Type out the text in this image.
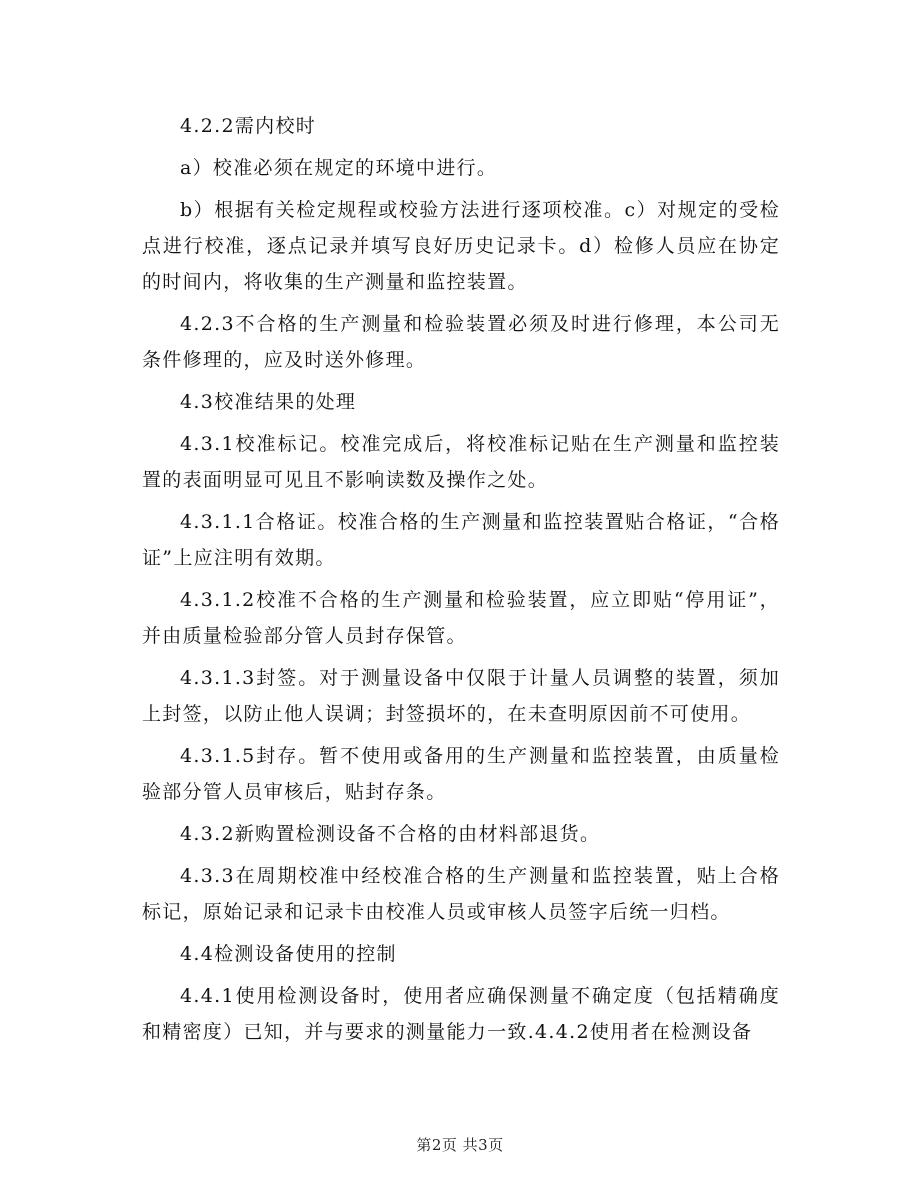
4.2.2需内校时

a）校准必须在规定的环境中进行。

b）根据有关检定规程或校验方法进行逐项校准。c）对规定的受检点进行校准，逐点记录并填写良好历史记录卡。d）检修人员应在协定的时间内，将收集的生产测量和监控装置。

4.2.3不合格的生产测量和检验装置必须及时进行修理，本公司无条件修理的，应及时送外修理。

4.3校准结果的处理

4.3.1校准标记。校准完成后，将校准标记贴在生产测量和监控装置的表面明显可见且不影响读数及操作之处。

4.3.1.1合格证。校准合格的生产测量和监控装置贴合格证，“合格证”上应注明有效期。

4.3.1.2校准不合格的生产测量和检验装置，应立即贴“停用证”，并由质量检验部分管人员封存保管。

4.3.1.3封签。对于测量设备中仅限于计量人员调整的装置，须加上封签，以防止他人误调；封签损坏的，在未查明原因前不可使用。

4.3.1.5封存。暂不使用或备用的生产测量和监控装置，由质量检验部分管人员审核后，贴封存条。

4.3.2新购置检测设备不合格的由材料部退货。

4.3.3在周期校准中经校准合格的生产测量和监控装置，贴上合格标记，原始记录和记录卡由校准人员或审核人员签字后统一归档。

4.4检测设备使用的控制

4.4.1使用检测设备时，使用者应确保测量不确定度（包括精确度和精密度）已知，并与要求的测量能力一致.4.4.2使用者在检测设备

第2页 共3页
